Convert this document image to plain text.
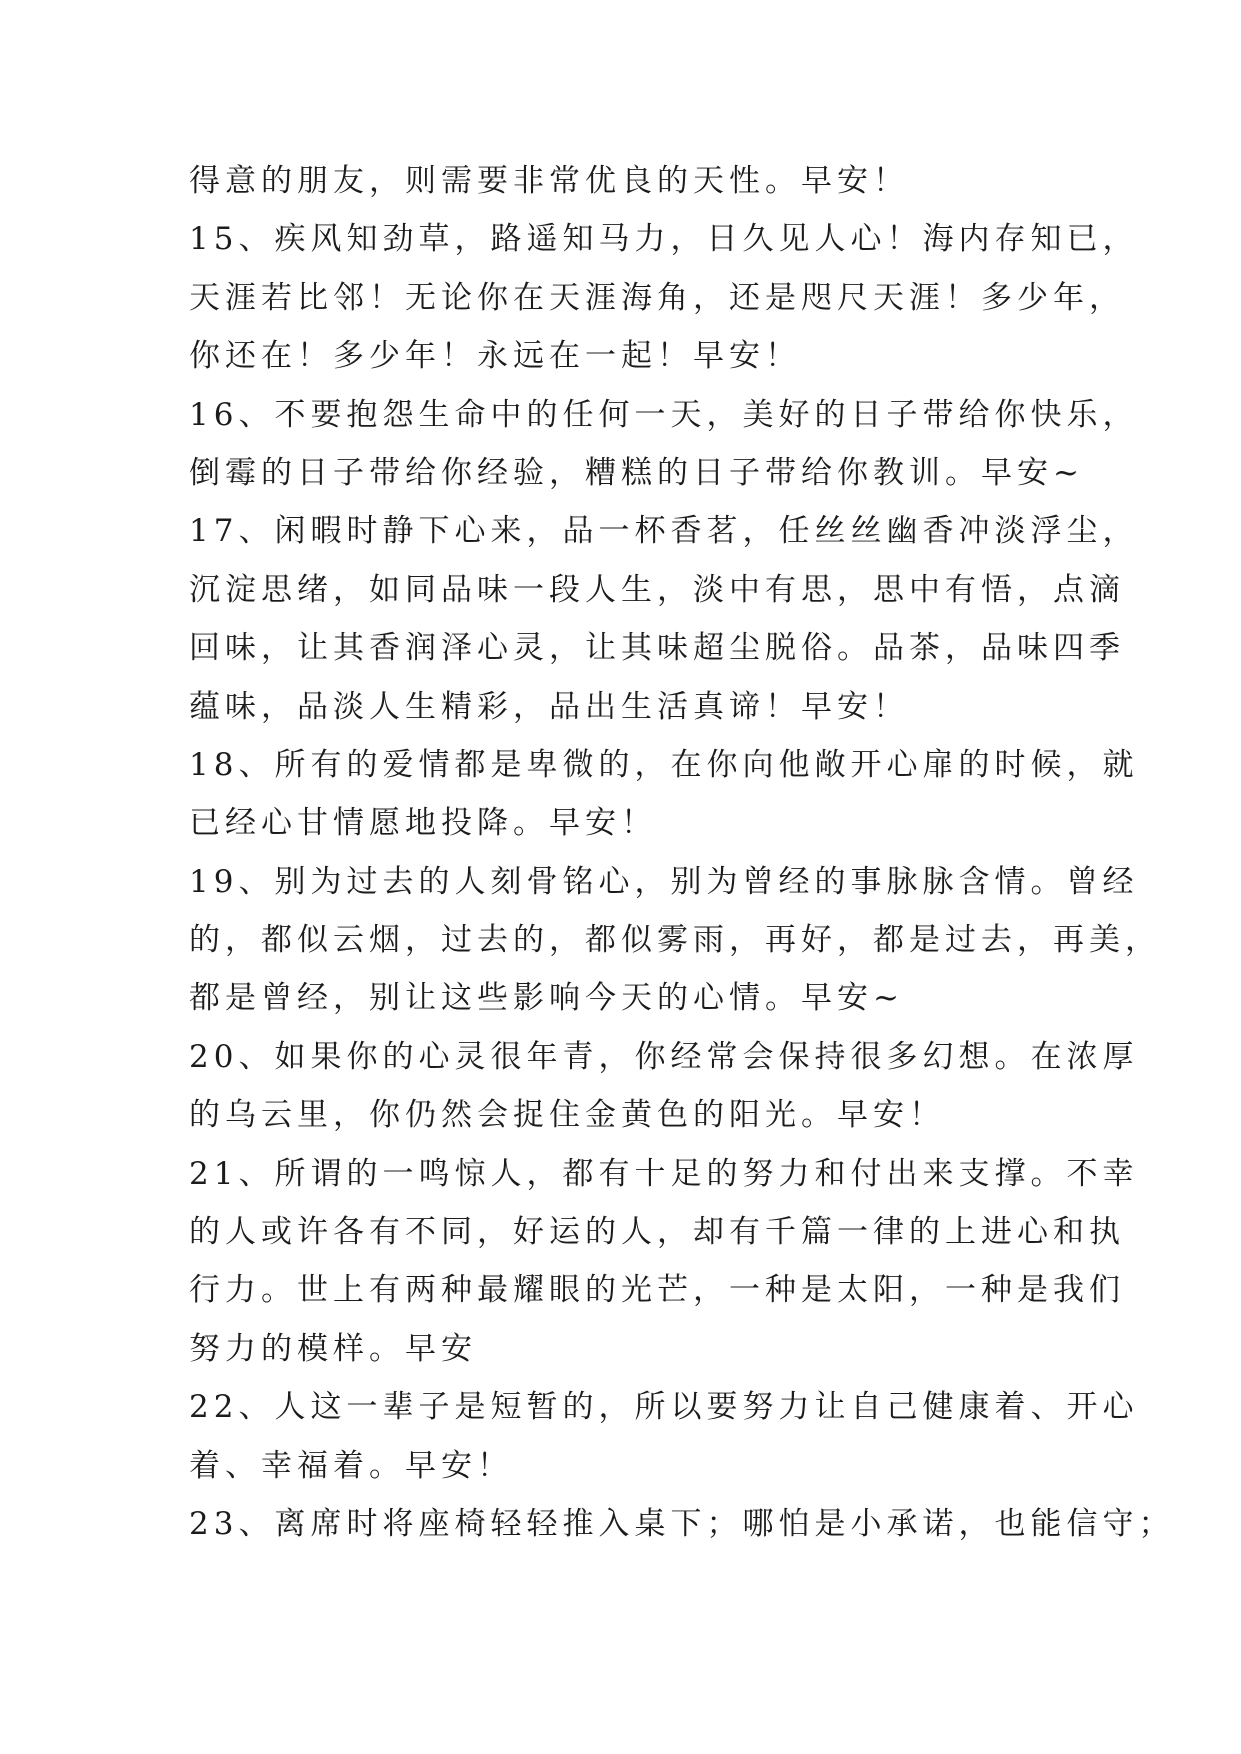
得意的朋友，则需要非常优良的天性。早安！
15、疾风知劲草，路遥知马力，日久见人心！海内存知已，
天涯若比邻！无论你在天涯海角，还是咫尺天涯！多少年，
你还在！多少年！永远在一起！早安！
16、不要抱怨生命中的任何一天，美好的日子带给你快乐，
倒霉的日子带给你经验，糟糕的日子带给你教训。早安~
17、闲暇时静下心来，品一杯香茗，任丝丝幽香冲淡浮尘，
沉淀思绪，如同品味一段人生，淡中有思，思中有悟，点滴
回味，让其香润泽心灵，让其味超尘脱俗。品茶，品味四季
蕴味，品淡人生精彩，品出生活真谛！早安！
18、所有的爱情都是卑微的，在你向他敞开心扉的时候，就
已经心甘情愿地投降。早安！
19、别为过去的人刻骨铭心，别为曾经的事脉脉含情。曾经
的，都似云烟，过去的，都似雾雨，再好，都是过去，再美，
都是曾经，别让这些影响今天的心情。早安~
20、如果你的心灵很年青，你经常会保持很多幻想。在浓厚
的乌云里，你仍然会捉住金黄色的阳光。早安！
21、所谓的一鸣惊人，都有十足的努力和付出来支撑。不幸
的人或许各有不同，好运的人，却有千篇一律的上进心和执
行力。世上有两种最耀眼的光芒，一种是太阳，一种是我们
努力的模样。早安
22、人这一辈子是短暂的，所以要努力让自己健康着、开心
着、幸福着。早安！
23、离席时将座椅轻轻推入桌下；哪怕是小承诺，也能信守；
